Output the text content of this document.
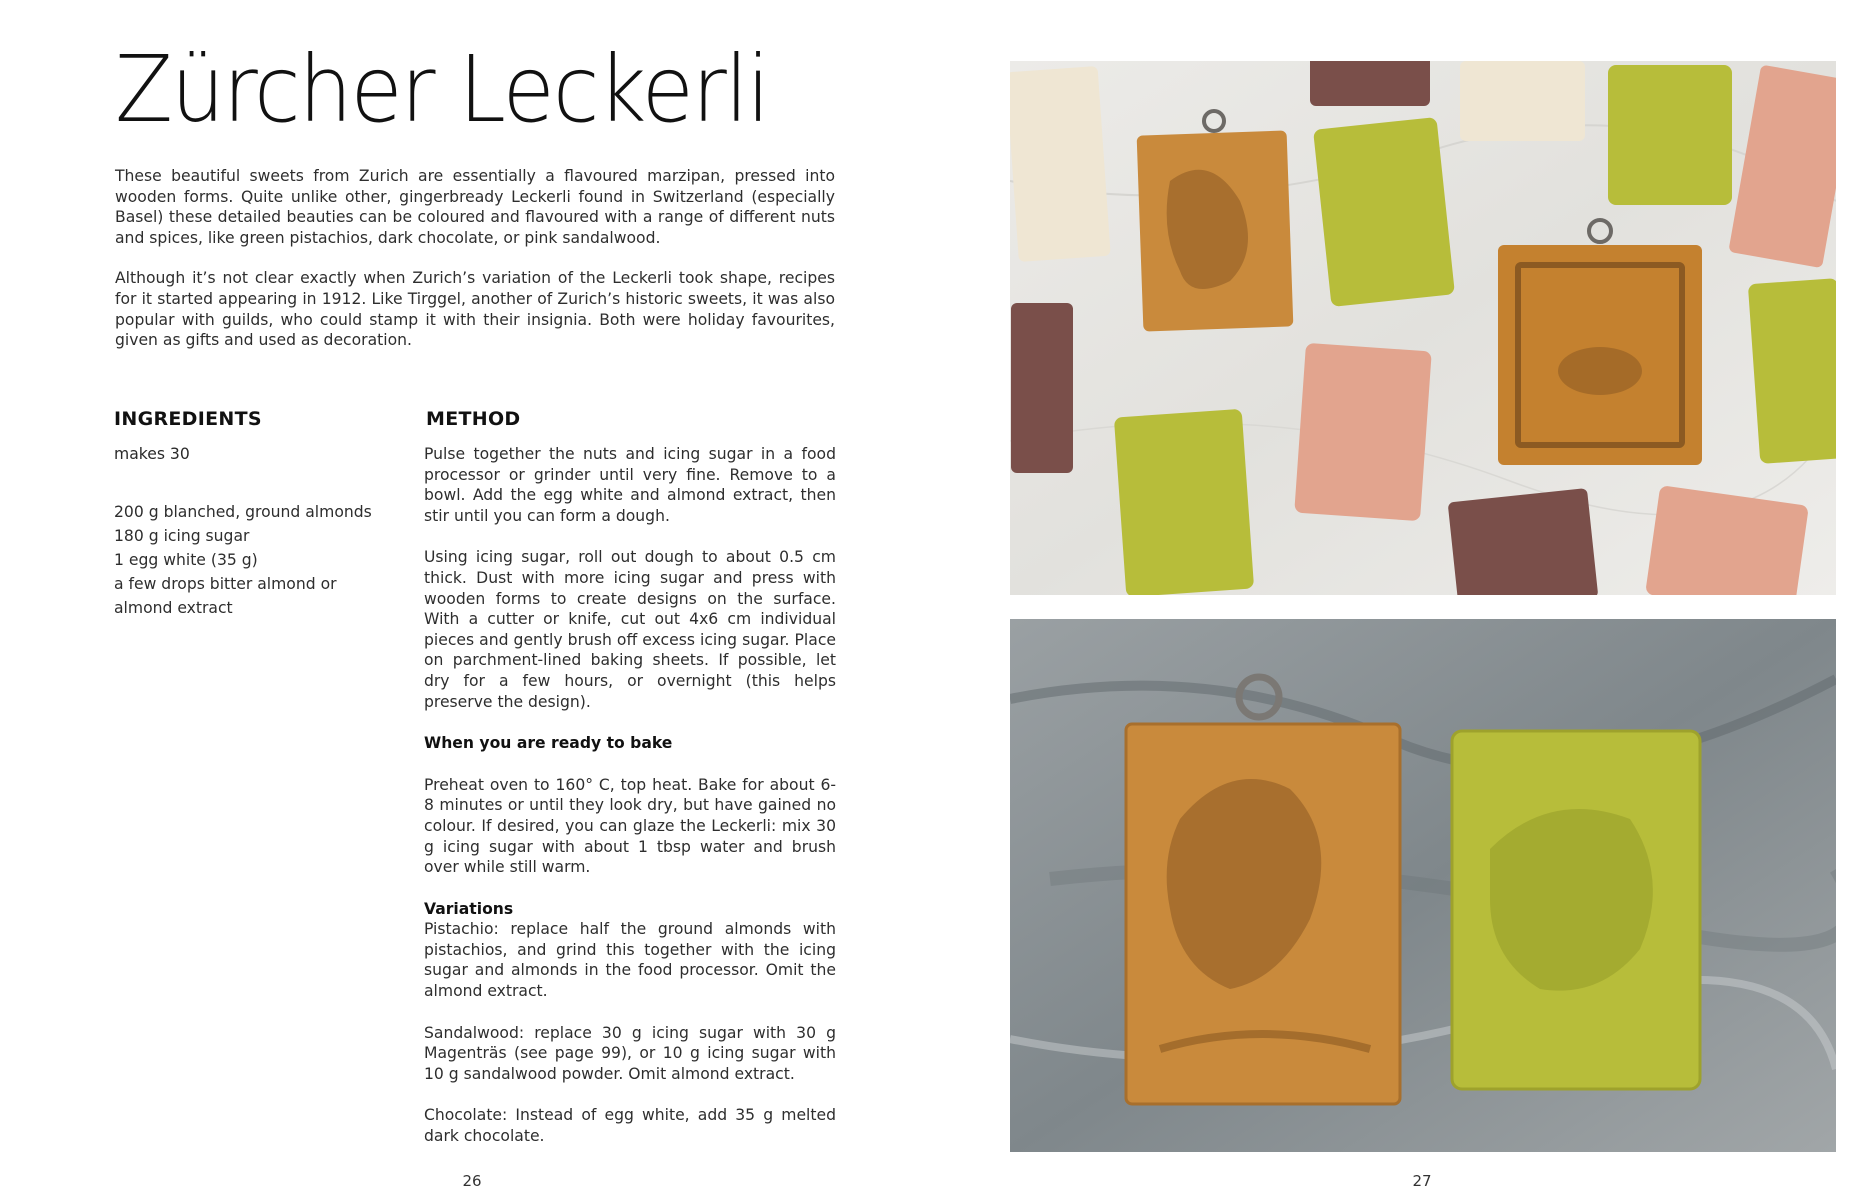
Zürcher Leckerli

These beautiful sweets from Zurich are essentially a flavoured marzipan, pressed into wooden forms. Quite unlike other, gingerbready Leckerli found in Switzerland (especially Basel) these detailed beauties can be coloured and flavoured with a range of different nuts and spices, like green pistachios, dark chocolate, or pink sandalwood.

Although it’s not clear exactly when Zurich’s variation of the Leckerli took shape, recipes for it started appearing in 1912. Like Tirggel, another of Zurich’s historic sweets, it was also popular with guilds, who could stamp it with their insignia. Both were holiday favourites, given as gifts and used as decoration.

INGREDIENTS
makes 30
200 g blanched, ground almonds
180 g icing sugar
1 egg white (35 g)
a few drops bitter almond or
almond extract
METHOD

Pulse together the nuts and icing sugar in a food processor or grinder until very fine. Remove to a bowl. Add the egg white and almond extract, then stir until you can form a dough.

Using icing sugar, roll out dough to about 0.5 cm thick. Dust with more icing sugar and press with wooden forms to create designs on the surface. With a cutter or knife, cut out 4x6 cm individual pieces and gently brush off excess icing sugar. Place on parchment-lined baking sheets. If possible, let dry for a few hours, or overnight (this helps preserve the design).

When you are ready to bake

Preheat oven to 160° C, top heat. Bake for about 6-8 minutes or until they look dry, but have gained no colour. If desired, you can glaze the Leckerli: mix 30 g icing sugar with about 1 tbsp water and brush over while still warm.

Variations

Pistachio: replace half the ground almonds with pistachios, and grind this together with the icing sugar and almonds in the food processor. Omit the almond extract.

Sandalwood: replace 30 g icing sugar with 30 g Magenträs (see page 99), or 10 g icing sugar with 10 g sandalwood powder. Omit almond extract.

Chocolate: Instead of egg white, add 35 g melted dark chocolate.

26	27
